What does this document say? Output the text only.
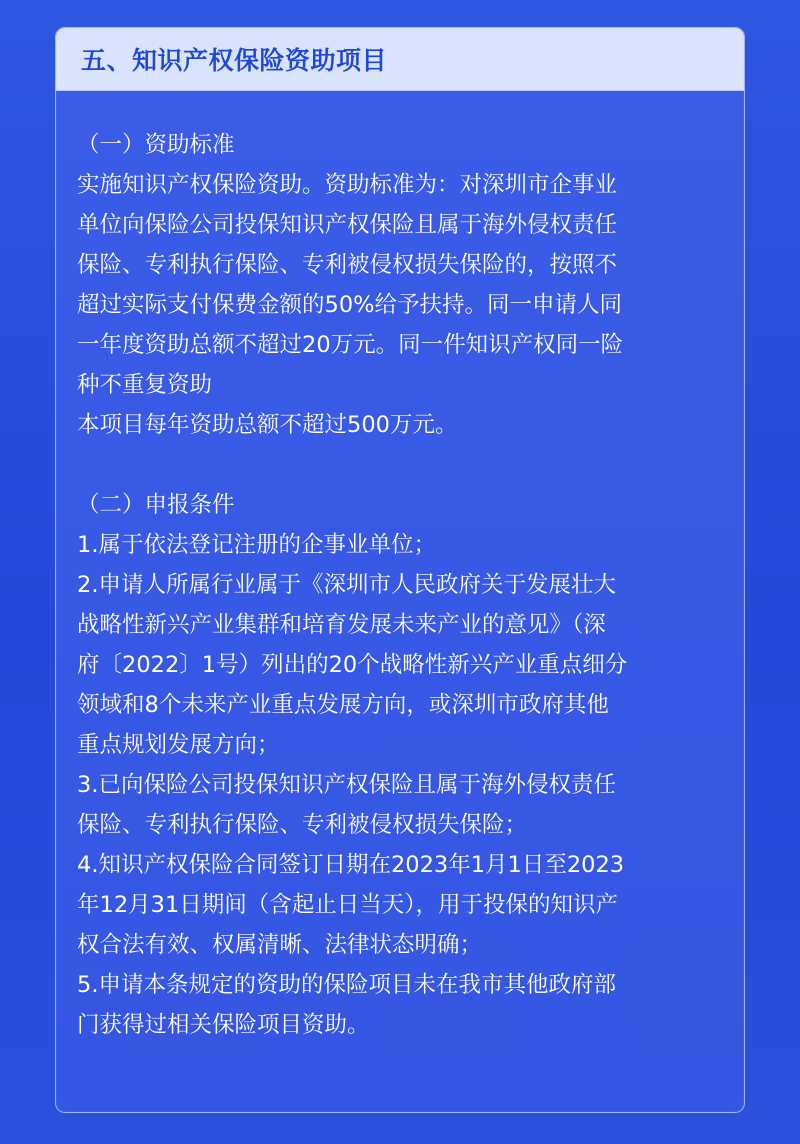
五、知识产权保险资助项目
（一）资助标准
实施知识产权保险资助。资助标准为：对深圳市企事业
单位向保险公司投保知识产权保险且属于海外侵权责任
保险、专利执行保险、专利被侵权损失保险的，按照不
超过实际支付保费金额的50%给予扶持。同一申请人同
一年度资助总额不超过20万元。同一件知识产权同一险
种不重复资助
本项目每年资助总额不超过500万元。
（二）申报条件
1.属于依法登记注册的企事业单位；
2.申请人所属行业属于《深圳市人民政府关于发展壮大
战略性新兴产业集群和培育发展未来产业的意见》（深
府〔2022〕1号）列出的20个战略性新兴产业重点细分
领域和8个未来产业重点发展方向，或深圳市政府其他
重点规划发展方向；
3.已向保险公司投保知识产权保险且属于海外侵权责任
保险、专利执行保险、专利被侵权损失保险；
4.知识产权保险合同签订日期在2023年1月1日至2023
年12月31日期间（含起止日当天），用于投保的知识产
权合法有效、权属清晰、法律状态明确；
5.申请本条规定的资助的保险项目未在我市其他政府部
门获得过相关保险项目资助。
